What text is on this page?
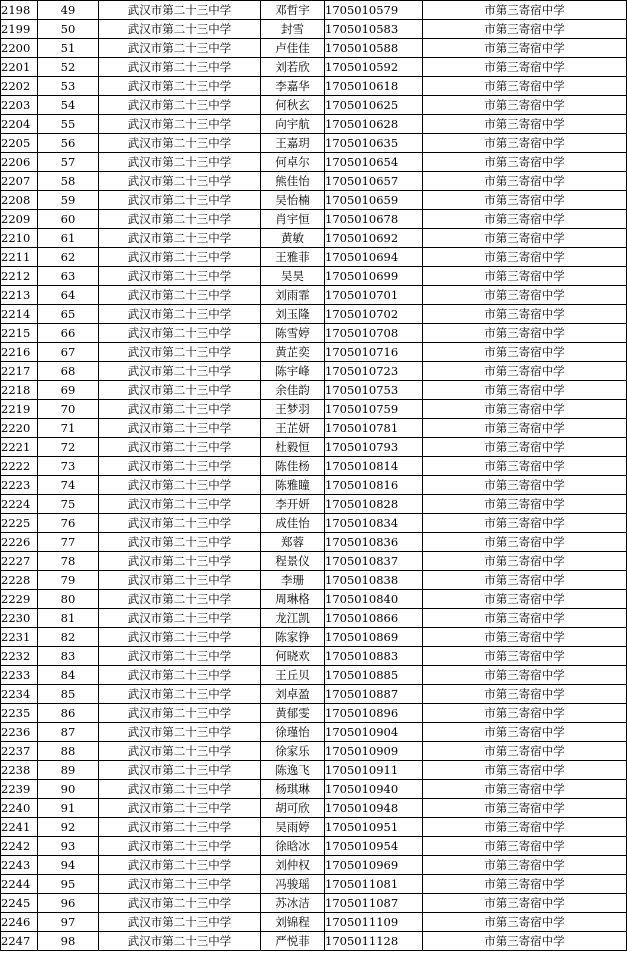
2198	49	武汉市第二十三中学	邓哲宇	1705010579	市第三寄宿中学
2199	50	武汉市第二十三中学	封雪	1705010583	市第三寄宿中学
2200	51	武汉市第二十三中学	卢佳佳	1705010588	市第三寄宿中学
2201	52	武汉市第二十三中学	刘若欣	1705010592	市第三寄宿中学
2202	53	武汉市第二十三中学	李嘉华	1705010618	市第三寄宿中学
2203	54	武汉市第二十三中学	何秋玄	1705010625	市第三寄宿中学
2204	55	武汉市第二十三中学	向宇航	1705010628	市第三寄宿中学
2205	56	武汉市第二十三中学	王嘉玥	1705010635	市第三寄宿中学
2206	57	武汉市第二十三中学	何卓尔	1705010654	市第三寄宿中学
2207	58	武汉市第二十三中学	熊佳怡	1705010657	市第三寄宿中学
2208	59	武汉市第二十三中学	吴怡楠	1705010659	市第三寄宿中学
2209	60	武汉市第二十三中学	肖宇恒	1705010678	市第三寄宿中学
2210	61	武汉市第二十三中学	黄敏	1705010692	市第三寄宿中学
2211	62	武汉市第二十三中学	王雅菲	1705010694	市第三寄宿中学
2212	63	武汉市第二十三中学	吴昊	1705010699	市第三寄宿中学
2213	64	武汉市第二十三中学	刘雨霏	1705010701	市第三寄宿中学
2214	65	武汉市第二十三中学	刘玉隆	1705010702	市第三寄宿中学
2215	66	武汉市第二十三中学	陈雪婷	1705010708	市第三寄宿中学
2216	67	武汉市第二十三中学	黄芷奕	1705010716	市第三寄宿中学
2217	68	武汉市第二十三中学	陈宇峰	1705010723	市第三寄宿中学
2218	69	武汉市第二十三中学	余佳韵	1705010753	市第三寄宿中学
2219	70	武汉市第二十三中学	王梦羽	1705010759	市第三寄宿中学
2220	71	武汉市第二十三中学	王芷妍	1705010781	市第三寄宿中学
2221	72	武汉市第二十三中学	杜毅恒	1705010793	市第三寄宿中学
2222	73	武汉市第二十三中学	陈佳杨	1705010814	市第三寄宿中学
2223	74	武汉市第二十三中学	陈雅瞳	1705010816	市第三寄宿中学
2224	75	武汉市第二十三中学	李开妍	1705010828	市第三寄宿中学
2225	76	武汉市第二十三中学	成佳怡	1705010834	市第三寄宿中学
2226	77	武汉市第二十三中学	郑蓉	1705010836	市第三寄宿中学
2227	78	武汉市第二十三中学	程景仪	1705010837	市第三寄宿中学
2228	79	武汉市第二十三中学	李珊	1705010838	市第三寄宿中学
2229	80	武汉市第二十三中学	周琳格	1705010840	市第三寄宿中学
2230	81	武汉市第二十三中学	龙江凯	1705010866	市第三寄宿中学
2231	82	武汉市第二十三中学	陈家铮	1705010869	市第三寄宿中学
2232	83	武汉市第二十三中学	何晓欢	1705010883	市第三寄宿中学
2233	84	武汉市第二十三中学	王丘贝	1705010885	市第三寄宿中学
2234	85	武汉市第二十三中学	刘卓盈	1705010887	市第三寄宿中学
2235	86	武汉市第二十三中学	黄郁雯	1705010896	市第三寄宿中学
2236	87	武汉市第二十三中学	徐瑾怡	1705010904	市第三寄宿中学
2237	88	武汉市第二十三中学	徐家乐	1705010909	市第三寄宿中学
2238	89	武汉市第二十三中学	陈逸飞	1705010911	市第三寄宿中学
2239	90	武汉市第二十三中学	杨琪琳	1705010940	市第三寄宿中学
2240	91	武汉市第二十三中学	胡可欣	1705010948	市第三寄宿中学
2241	92	武汉市第二十三中学	吴雨婷	1705010951	市第三寄宿中学
2242	93	武汉市第二十三中学	徐晗冰	1705010954	市第三寄宿中学
2243	94	武汉市第二十三中学	刘仲权	1705010969	市第三寄宿中学
2244	95	武汉市第二十三中学	冯骏瑶	1705011081	市第三寄宿中学
2245	96	武汉市第二十三中学	苏冰洁	1705011087	市第三寄宿中学
2246	97	武汉市第二十三中学	刘锦程	1705011109	市第三寄宿中学
2247	98	武汉市第二十三中学	严悦菲	1705011128	市第三寄宿中学
